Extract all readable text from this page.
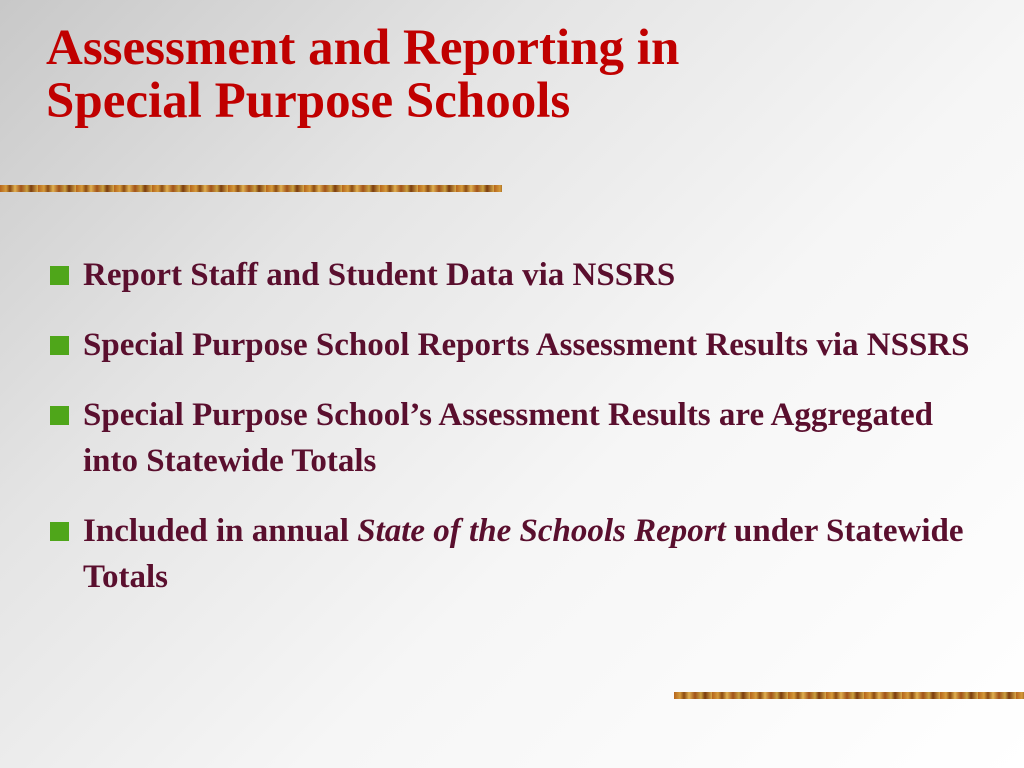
Assessment and Reporting in
Special Purpose Schools
Report Staff and Student Data via NSSRS
Special Purpose School Reports Assessment Results via NSSRS
Special Purpose School’s Assessment Results are Aggregated into Statewide Totals
Included in annual State of the Schools Report under Statewide Totals
